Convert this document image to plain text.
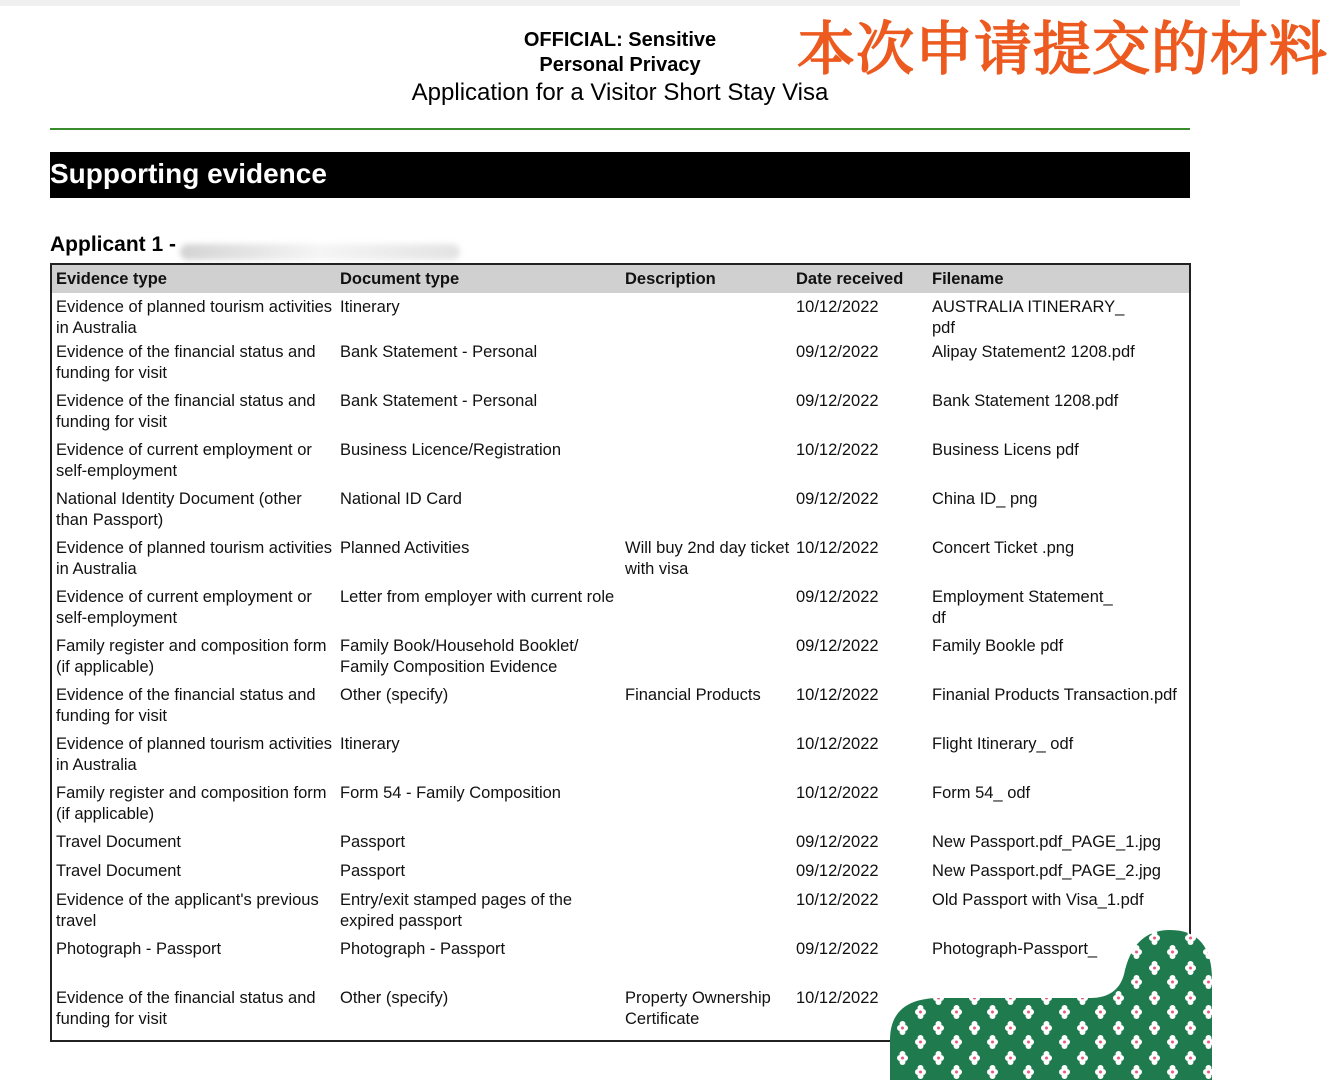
OFFICIAL: Sensitive
Personal Privacy
Application for a Visitor Short Stay Visa
本次申请提交的材料
Supporting evidence
Applicant 1 -
Evidence type	Document type	Description	Date received	Filename
Evidence of planned tourism activities in Australia	Itinerary		10/12/2022	AUSTRALIA ITINERARY_
pdf
Evidence of the financial status and funding for visit	Bank Statement - Personal		09/12/2022	Alipay Statement2 1208.pdf
Evidence of the financial status and funding for visit	Bank Statement - Personal		09/12/2022	Bank Statement 1208.pdf
Evidence of current employment or self-employment	Business Licence/Registration		10/12/2022	Business Licens pdf
National Identity Document (other than Passport)	National ID Card		09/12/2022	China ID_ png
Evidence of planned tourism activities in Australia	Planned Activities	Will buy 2nd day ticket with visa	10/12/2022	Concert Ticket .png
Evidence of current employment or self-employment	Letter from employer with current role		09/12/2022	Employment Statement_
df
Family register and composition form (if applicable)	Family Book/Household Booklet/ Family Composition Evidence		09/12/2022	Family Bookle pdf
Evidence of the financial status and funding for visit	Other (specify)	Financial Products	10/12/2022	Finanial Products Transaction.pdf
Evidence of planned tourism activities in Australia	Itinerary		10/12/2022	Flight Itinerary_ odf
Family register and composition form (if applicable)	Form 54 - Family Composition		10/12/2022	Form 54_ odf
Travel Document	Passport		09/12/2022	New Passport.pdf_PAGE_1.jpg
Travel Document	Passport		09/12/2022	New Passport.pdf_PAGE_2.jpg
Evidence of the applicant's previous travel	Entry/exit stamped pages of the expired passport		10/12/2022	Old Passport with Visa_1.pdf
Photograph - Passport	Photograph - Passport		09/12/2022	Photograph-Passport_
Evidence of the financial status and funding for visit	Other (specify)	Property Ownership Certificate	10/12/2022	
